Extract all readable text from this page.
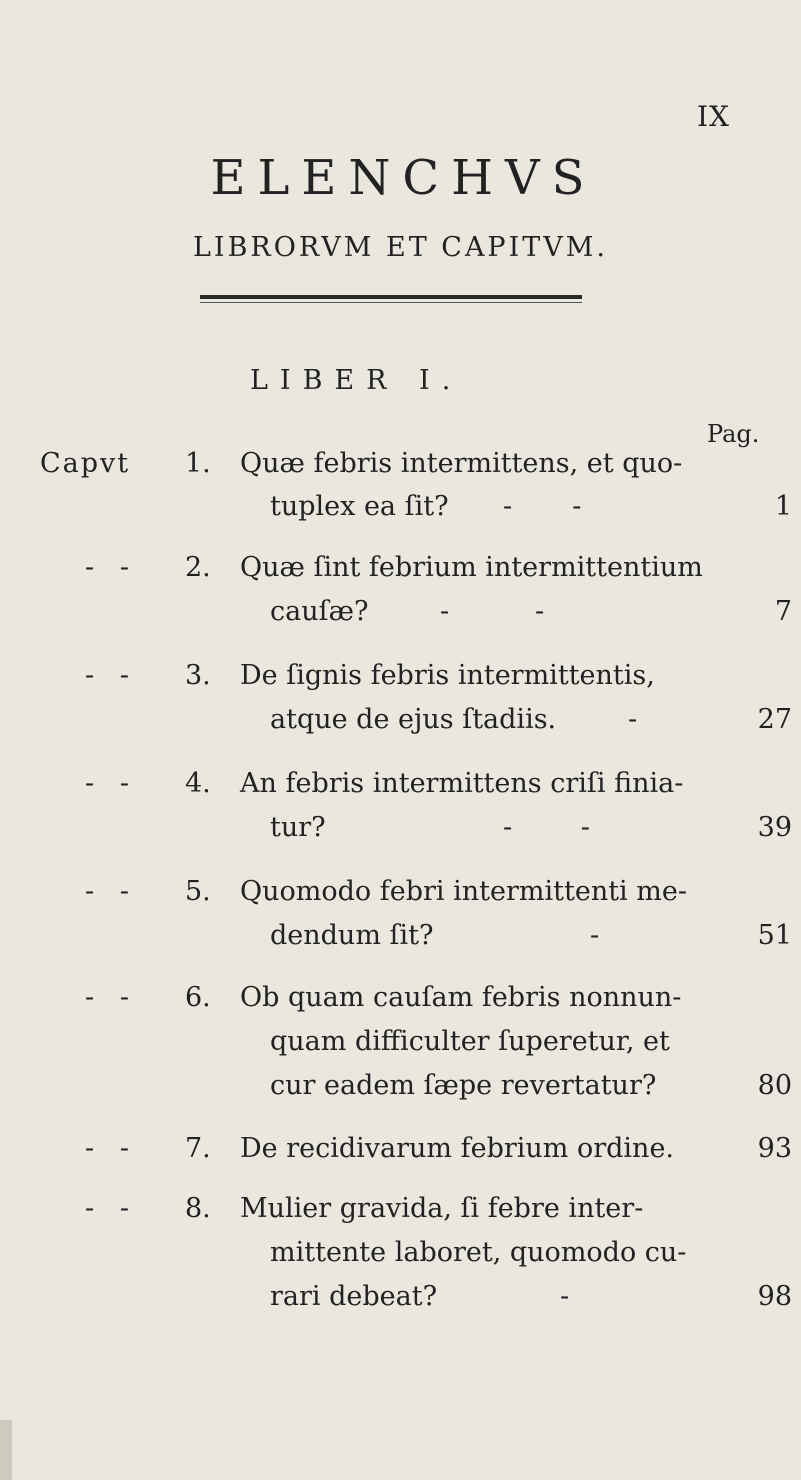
IX
ELENCHVS
LIBRORVM ET CAPITVM.
LIBER I.
Pag.
Capvt 1. Quæ febris intermittens, et quo-
tuplex ea ſit? -       -	1
-   - 2. Quæ ſint febrium intermittentium
cauſæ?	-          -	7
-   - 3. De ſignis febris intermittentis,
atque de ejus ſtadiis.	-	27
-   - 4. An febris intermittens criſi finia-
tur?	-        -	39
-   - 5. Quomodo febri intermittenti me-
dendum ſit?	-	51
-   - 6. Ob quam cauſam febris nonnun-
quam difficulter ſuperetur, et
cur eadem ſæpe revertatur?	80
-   - 7. De recidivarum febrium ordine.	93
-   - 8. Mulier gravida, ſi febre inter-
mittente laboret, quomodo cu-
rari debeat?	-	98
